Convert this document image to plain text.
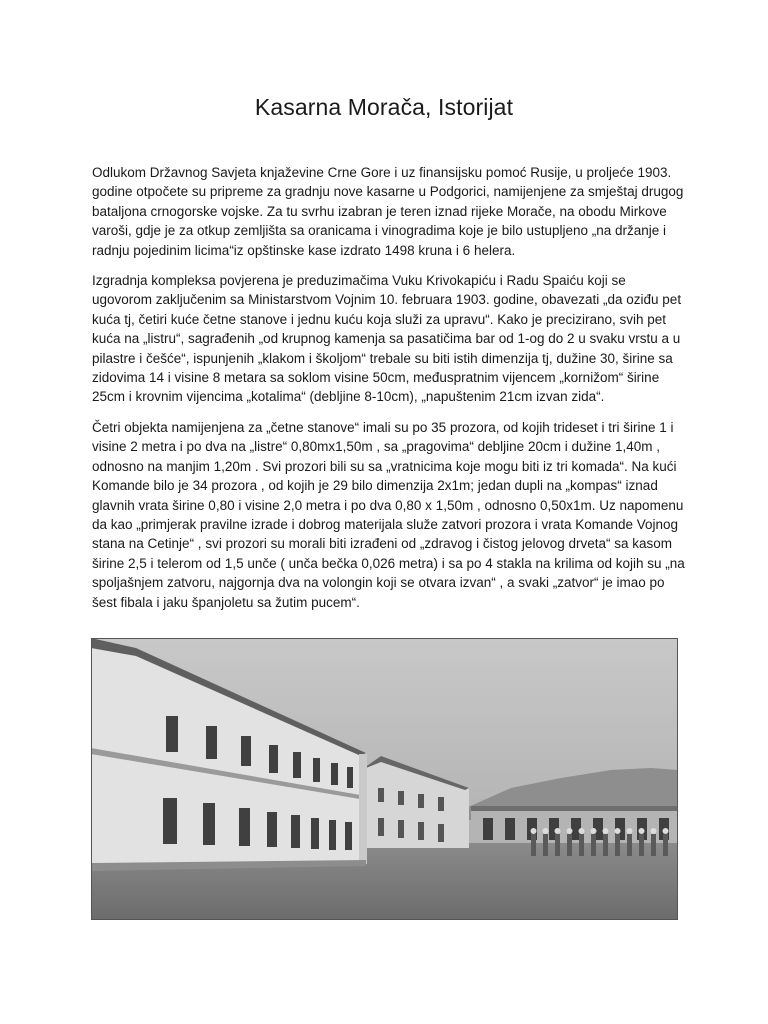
Kasarna Morača, Istorijat

Odlukom Državnog Savjeta knjaževine Crne Gore i uz finansijsku pomoć Rusije, u proljeće 1903. godine otpočete su pripreme za gradnju nove kasarne u Podgorici, namijenjene za smještaj drugog bataljona crnogorske vojske. Za tu svrhu izabran je teren iznad rijeke Morače, na obodu Mirkove varoši, gdje je za otkup zemljišta sa oranicama i vinogradima koje je bilo ustupljeno „na držanje i radnju pojedinim licima“iz opštinske kase izdrato 1498 kruna i 6 helera.

Izgradnja kompleksa povjerena je preduzimačima Vuku Krivokapiću i Radu Spaiću koji se ugovorom zaključenim sa Ministarstvom Vojnim 10. februara 1903. godine, obavezati „da oziđu pet kuća tj, četiri kuće četne stanove i jednu kuću koja služi za upravu“. Kako je precizirano, svih pet kuća na „listru“, sagrađenih „od krupnog kamenja sa pasatičima bar od 1-og do 2 u svaku vrstu a u pilastre i češće“, ispunjenih „klakom i školjom“ trebale su biti istih dimenzija tj, dužine 30, širine sa zidovima 14 i visine 8 metara sa soklom visine 50cm, međuspratnim vijencem „kornižom“ širine 25cm i krovnim vijencima „kotalima“ (debljine 8-10cm), „napuštenim 21cm izvan zida“.

Četri objekta namijenjena za „četne stanove“ imali su po 35 prozora, od kojih trideset i tri širine 1 i visine 2 metra i po dva na „listre“ 0,80mx1,50m , sa „pragovima“ debljine 20cm i dužine 1,40m , odnosno na manjim 1,20m . Svi prozori bili su sa „vratnicima koje mogu biti iz tri komada“. Na kući Komande bilo je 34 prozora , od kojih je 29 bilo dimenzija 2x1m; jedan dupli na „kompas“ iznad glavnih vrata širine 0,80 i visine 2,0 metra i po dva 0,80 x 1,50m , odnosno 0,50x1m. Uz napomenu da kao „primjerak pravilne izrade i dobrog materijala služe zatvori prozora i vrata Komande Vojnog stana na Cetinje“ , svi prozori su morali biti izrađeni od „zdravog i čistog jelovog drveta“ sa kasom širine 2,5 i telerom od 1,5 unče ( unča bečka 0,026 metra) i sa po 4 stakla na krilima od kojih su „na spoljašnjem zatvoru, najgornja dva na volongin koji se otvara izvan“ , a svaki „zatvor“ je imao po šest fibala i jaku španjoletu sa žutim pucem“.
